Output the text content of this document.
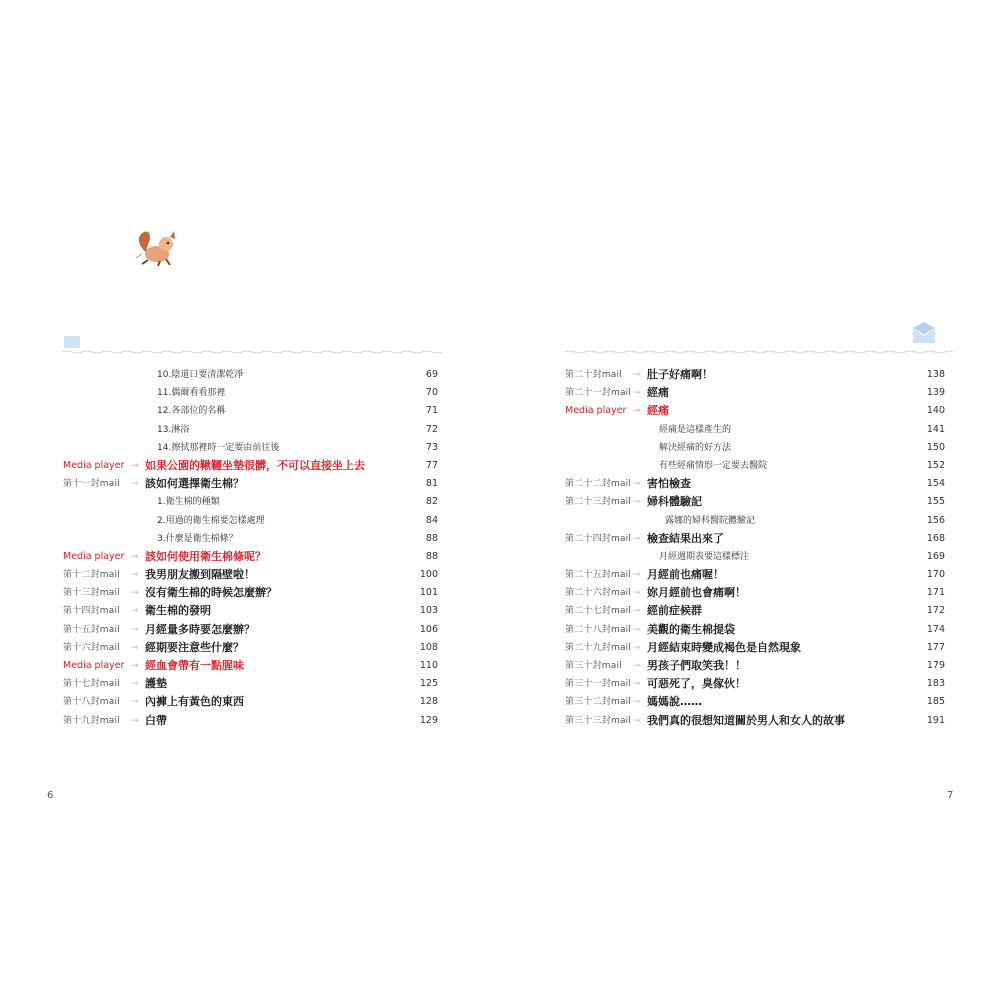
10.陰道口要清潔乾淨	69
11.偶爾看看那裡	70
12.各部位的名稱	71
13.淋浴	72
14.擦拭那裡時一定要由前往後	73
Media player ⇝ 如果公園的鞦韆坐墊很髒，不可以直接坐上去	77
第十一封mail ⇝ 該如何選擇衛生棉？	81
1.衛生棉的種類	82
2.用過的衛生棉要怎樣處理	84
3.什麼是衛生棉條？	88
Media player ⇝ 該如何使用衛生棉條呢？	88
第十二封mail ⇝ 我男朋友搬到隔壁啦！	100
第十三封mail ⇝ 沒有衛生棉的時候怎麼辦？	101
第十四封mail ⇝ 衛生棉的發明	103
第十五封mail ⇝ 月經量多時要怎麼辦？	106
第十六封mail ⇝ 經期要注意些什麼？	108
Media player ⇝ 經血會帶有一點腥味	110
第十七封mail ⇝ 護墊	125
第十八封mail ⇝ 內褲上有黃色的東西	128
第十九封mail ⇝ 白帶	129
6
第二十封mail ⇝ 肚子好痛啊！	138
第二十一封mail ⇝ 經痛	139
Media player ⇝ 經痛	140
經痛是這樣產生的	141
解決經痛的好方法	150
有些經痛情形一定要去醫院	152
第二十二封mail ⇝ 害怕檢查	154
第二十三封mail ⇝ 婦科體驗記	155
露娜的婦科醫院體驗記	156
第二十四封mail ⇝ 檢查結果出來了	168
月經週期表要這樣標注	169
第二十五封mail ⇝ 月經前也痛喔！	170
第二十六封mail ⇝ 妳月經前也會痛啊！	171
第二十七封mail ⇝ 經前症候群	172
第二十八封mail ⇝ 美觀的衛生棉提袋	174
第二十九封mail ⇝ 月經結束時變成褐色是自然現象	177
第三十封mail ⇝ 男孩子們取笑我！！	179
第三十一封mail ⇝ 可惡死了，臭傢伙！	183
第三十二封mail ⇝ 媽媽說……	185
第三十三封mail ⇝ 我們真的很想知道關於男人和女人的故事	191
7
